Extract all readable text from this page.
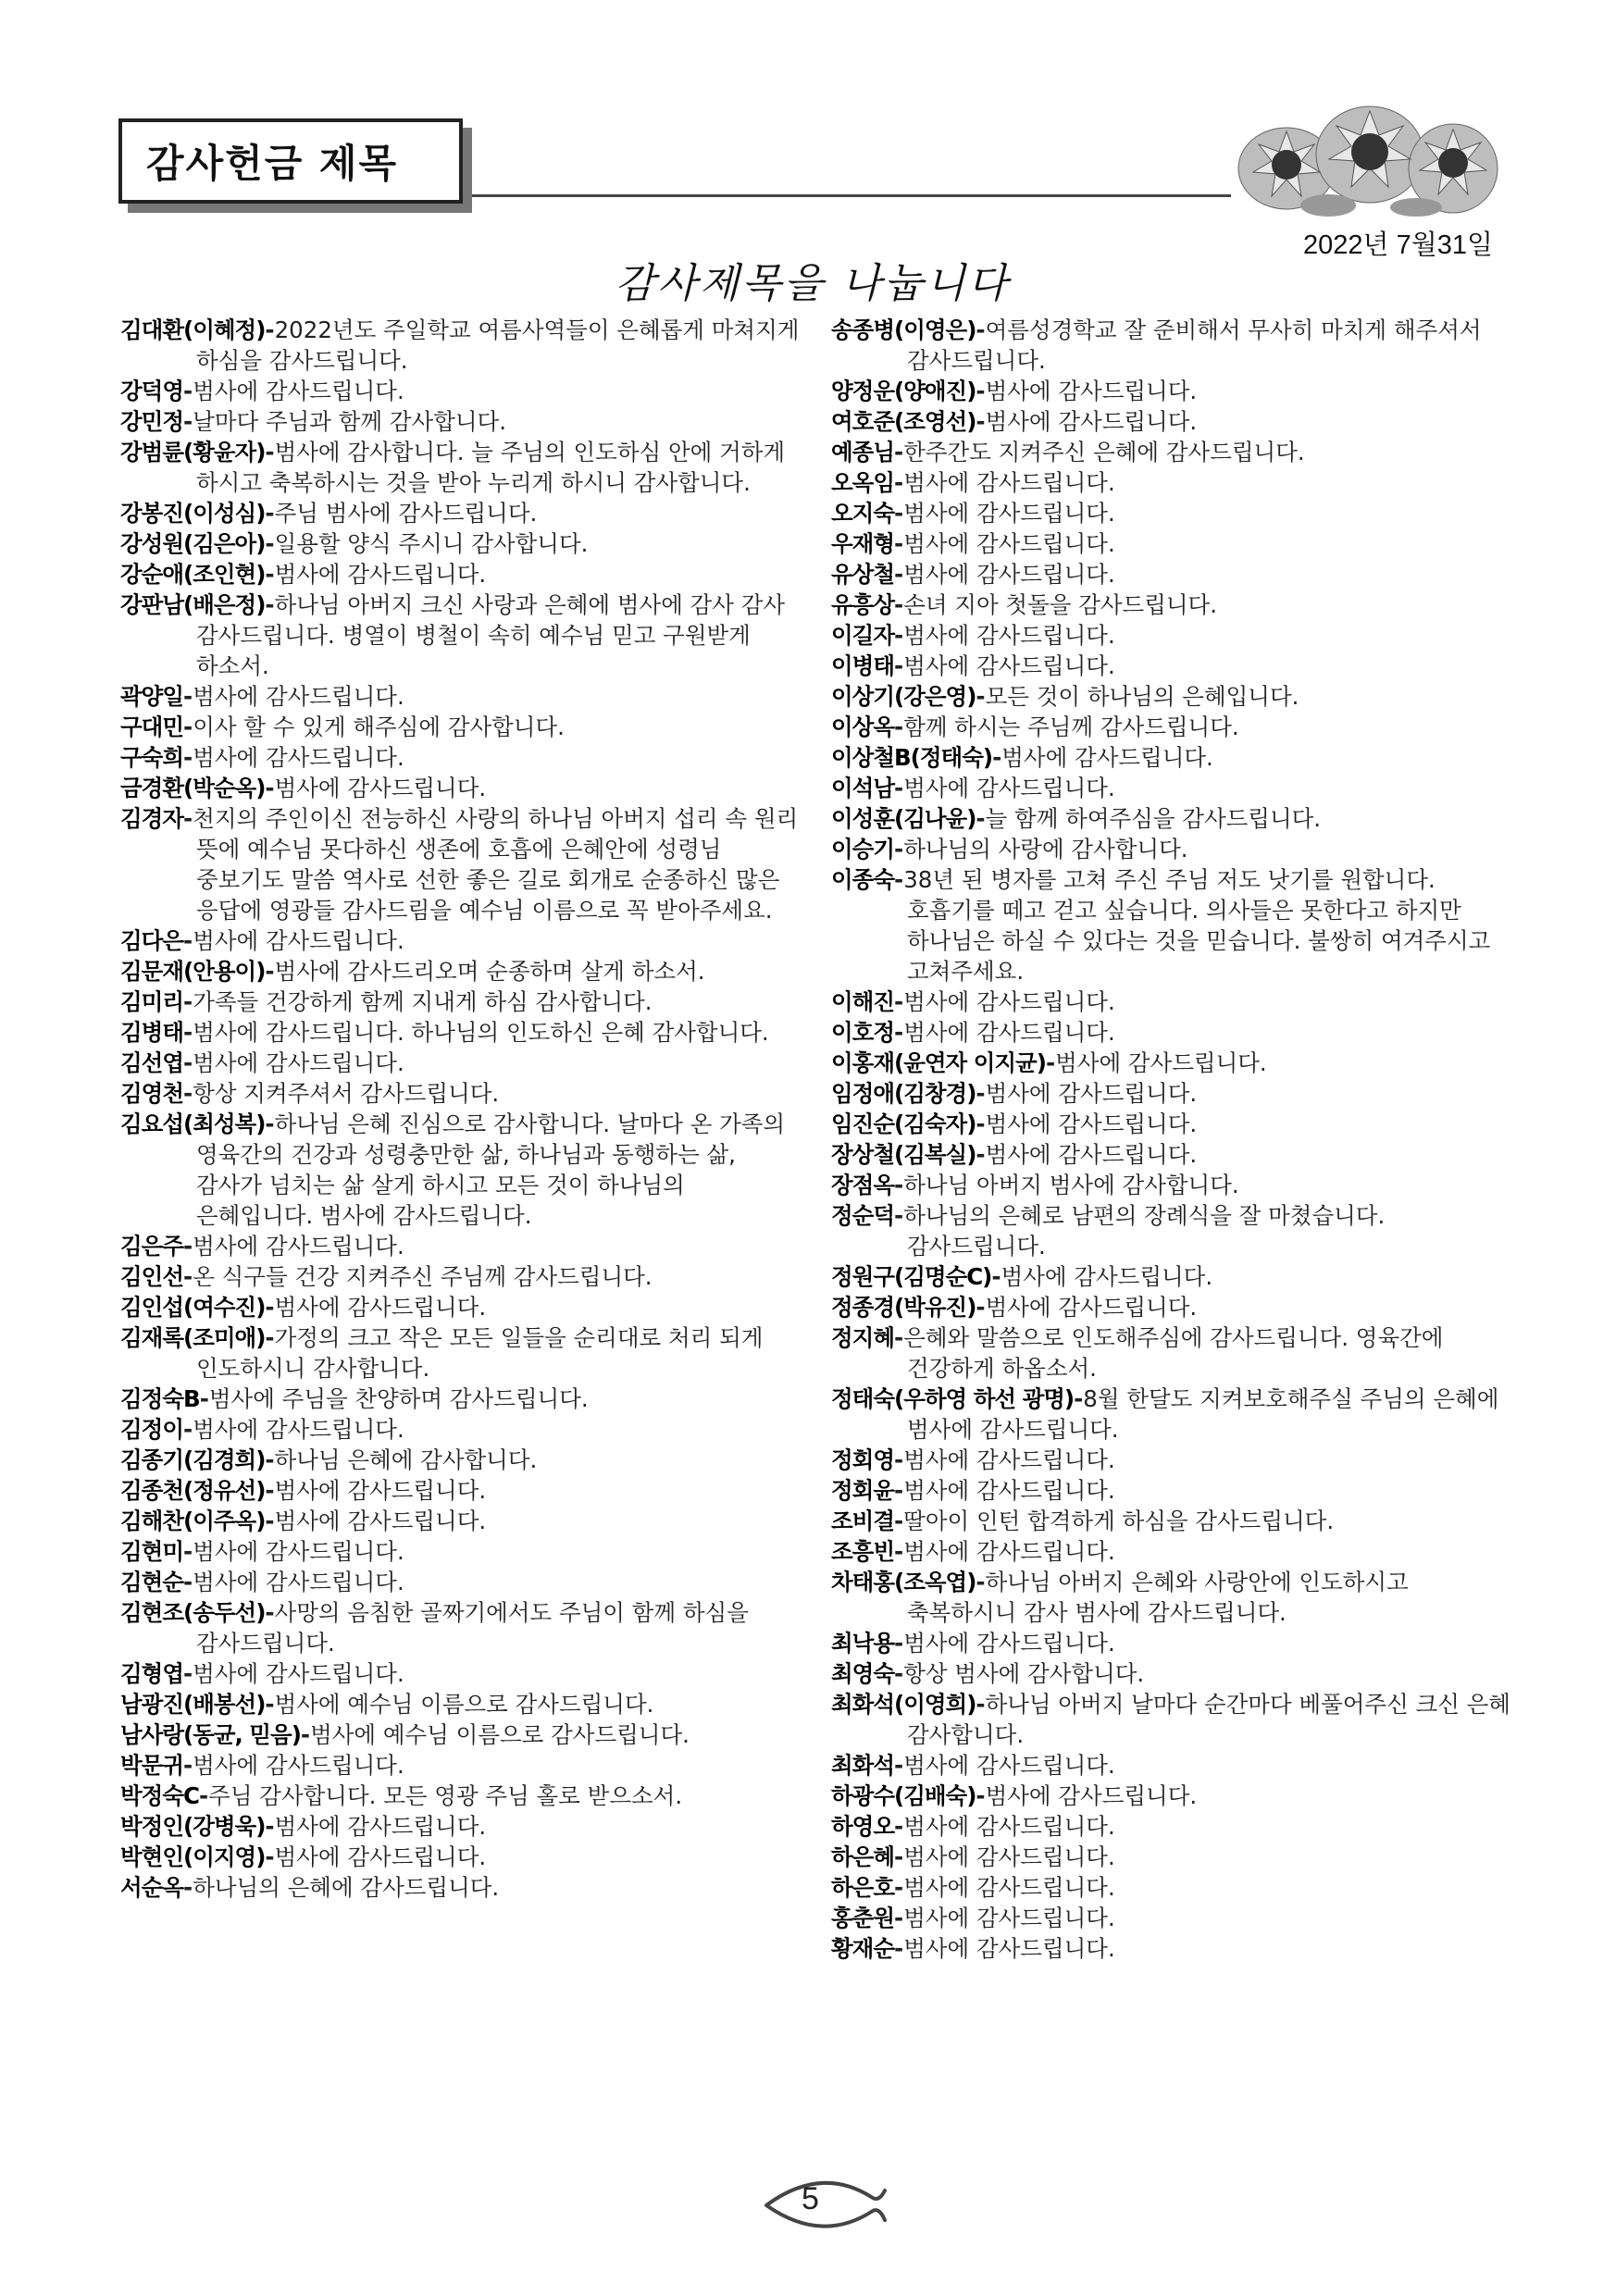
감사헌금 제목
2022년 7월31일
감사제목을 나눕니다
김대환(이혜정)-2022년도 주일학교 여름사역들이 은혜롭게 마쳐지게 하심을 감사드립니다.
강덕영-범사에 감사드립니다.
강민정-날마다 주님과 함께 감사합니다.
강범륜(황윤자)-범사에 감사합니다. 늘 주님의 인도하심 안에 거하게 하시고 축복하시는 것을 받아 누리게 하시니 감사합니다.
강봉진(이성심)-주님 범사에 감사드립니다.
강성원(김은아)-일용할 양식 주시니 감사합니다.
강순애(조인현)-범사에 감사드립니다.
강판남(배은정)-하나님 아버지 크신 사랑과 은혜에 범사에 감사 감사 감사드립니다. 병열이 병철이 속히 예수님 믿고 구원받게 하소서.
곽양일-범사에 감사드립니다.
구대민-이사 할 수 있게 해주심에 감사합니다.
구숙희-범사에 감사드립니다.
금경환(박순옥)-범사에 감사드립니다.
김경자-천지의 주인이신 전능하신 사랑의 하나님 아버지 섭리 속 원리 뜻에 예수님 못다하신 생존에 호흡에 은혜안에 성령님 중보기도 말씀 역사로 선한 좋은 길로 회개로 순종하신 많은 응답에 영광들 감사드림을 예수님 이름으로 꼭 받아주세요.
김다은-범사에 감사드립니다.
김문재(안용이)-범사에 감사드리오며 순종하며 살게 하소서.
김미리-가족들 건강하게 함께 지내게 하심 감사합니다.
김병태-범사에 감사드립니다. 하나님의 인도하신 은혜 감사합니다.
김선엽-범사에 감사드립니다.
김영천-항상 지켜주셔서 감사드립니다.
김요섭(최성복)-하나님 은혜 진심으로 감사합니다. 날마다 온 가족의 영육간의 건강과 성령충만한 삶, 하나님과 동행하는 삶, 감사가 넘치는 삶 살게 하시고 모든 것이 하나님의 은혜입니다. 범사에 감사드립니다.
김은주-범사에 감사드립니다.
김인선-온 식구들 건강 지켜주신 주님께 감사드립니다.
김인섭(여수진)-범사에 감사드립니다.
김재록(조미애)-가정의 크고 작은 모든 일들을 순리대로 처리 되게 인도하시니 감사합니다.
김정숙B-범사에 주님을 찬양하며 감사드립니다.
김정이-범사에 감사드립니다.
김종기(김경희)-하나님 은혜에 감사합니다.
김종천(정유선)-범사에 감사드립니다.
김해찬(이주옥)-범사에 감사드립니다.
김현미-범사에 감사드립니다.
김현순-범사에 감사드립니다.
김현조(송두선)-사망의 음침한 골짜기에서도 주님이 함께 하심을 감사드립니다.
김형엽-범사에 감사드립니다.
남광진(배봉선)-범사에 예수님 이름으로 감사드립니다.
남사랑(동균, 믿음)-범사에 예수님 이름으로 감사드립니다.
박문귀-범사에 감사드립니다.
박정숙C-주님 감사합니다. 모든 영광 주님 홀로 받으소서.
박정인(강병욱)-범사에 감사드립니다.
박현인(이지영)-범사에 감사드립니다.
서순옥-하나님의 은혜에 감사드립니다.
송종병(이영은)-여름성경학교 잘 준비해서 무사히 마치게 해주셔서 감사드립니다.
양정운(양애진)-범사에 감사드립니다.
여호준(조영선)-범사에 감사드립니다.
예종님-한주간도 지켜주신 은혜에 감사드립니다.
오옥임-범사에 감사드립니다.
오지숙-범사에 감사드립니다.
우재형-범사에 감사드립니다.
유상철-범사에 감사드립니다.
유흥상-손녀 지아 첫돌을 감사드립니다.
이길자-범사에 감사드립니다.
이병태-범사에 감사드립니다.
이상기(강은영)-모든 것이 하나님의 은혜입니다.
이상옥-함께 하시는 주님께 감사드립니다.
이상철B(정태숙)-범사에 감사드립니다.
이석남-범사에 감사드립니다.
이성훈(김나윤)-늘 함께 하여주심을 감사드립니다.
이승기-하나님의 사랑에 감사합니다.
이종숙-38년 된 병자를 고쳐 주신 주님 저도 낫기를 원합니다. 호흡기를 떼고 걷고 싶습니다. 의사들은 못한다고 하지만 하나님은 하실 수 있다는 것을 믿습니다. 불쌍히 여겨주시고 고쳐주세요.
이해진-범사에 감사드립니다.
이호정-범사에 감사드립니다.
이홍재(윤연자 이지균)-범사에 감사드립니다.
임정애(김창경)-범사에 감사드립니다.
임진순(김숙자)-범사에 감사드립니다.
장상철(김복실)-범사에 감사드립니다.
장점옥-하나님 아버지 범사에 감사합니다.
정순덕-하나님의 은혜로 남편의 장례식을 잘 마쳤습니다. 감사드립니다.
정원구(김명순C)-범사에 감사드립니다.
정종경(박유진)-범사에 감사드립니다.
정지혜-은혜와 말씀으로 인도해주심에 감사드립니다. 영육간에 건강하게 하옵소서.
정태숙(우하영 하선 광명)-8월 한달도 지켜보호해주실 주님의 은혜에 범사에 감사드립니다.
정회영-범사에 감사드립니다.
정회윤-범사에 감사드립니다.
조비결-딸아이 인턴 합격하게 하심을 감사드립니다.
조흥빈-범사에 감사드립니다.
차태홍(조옥엽)-하나님 아버지 은혜와 사랑안에 인도하시고 축복하시니 감사 범사에 감사드립니다.
최낙용-범사에 감사드립니다.
최영숙-항상 범사에 감사합니다.
최화석(이영희)-하나님 아버지 날마다 순간마다 베풀어주신 크신 은혜 감사합니다.
최화석-범사에 감사드립니다.
하광수(김배숙)-범사에 감사드립니다.
하영오-범사에 감사드립니다.
하은혜-범사에 감사드립니다.
하은호-범사에 감사드립니다.
홍춘원-범사에 감사드립니다.
황재순-범사에 감사드립니다.
5
